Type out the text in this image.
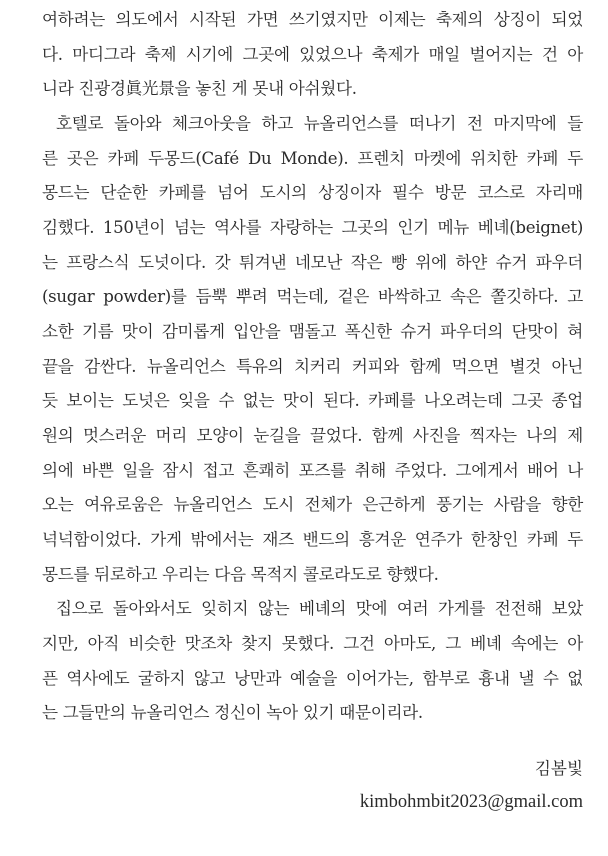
여하려는 의도에서 시작된 가면 쓰기였지만 이제는 축제의 상징이 되었
다. 마디그라 축제 시기에 그곳에 있었으나 축제가 매일 벌어지는 건 아
니라 진광경眞光景을 놓친 게 못내 아쉬웠다.
호텔로 돌아와 체크아웃을 하고 뉴올리언스를 떠나기 전 마지막에 들
른 곳은 카페 두몽드(Café Du Monde). 프렌치 마켓에 위치한 카페 두
몽드는 단순한 카페를 넘어 도시의 상징이자 필수 방문 코스로 자리매
김했다. 150년이 넘는 역사를 자랑하는 그곳의 인기 메뉴 베녜(beignet)
는 프랑스식 도넛이다. 갓 튀겨낸 네모난 작은 빵 위에 하얀 슈거 파우더
(sugar powder)를 듬뿍 뿌려 먹는데, 겉은 바싹하고 속은 쫄깃하다. 고
소한 기름 맛이 감미롭게 입안을 맴돌고 폭신한 슈거 파우더의 단맛이 혀
끝을 감싼다. 뉴올리언스 특유의 치커리 커피와 함께 먹으면 별것 아닌
듯 보이는 도넛은 잊을 수 없는 맛이 된다. 카페를 나오려는데 그곳 종업
원의 멋스러운 머리 모양이 눈길을 끌었다. 함께 사진을 찍자는 나의 제
의에 바쁜 일을 잠시 접고 흔쾌히 포즈를 취해 주었다. 그에게서 배어 나
오는 여유로움은 뉴올리언스 도시 전체가 은근하게 풍기는 사람을 향한
넉넉함이었다. 가게 밖에서는 재즈 밴드의 흥겨운 연주가 한창인 카페 두
몽드를 뒤로하고 우리는 다음 목적지 콜로라도로 향했다.
집으로 돌아와서도 잊히지 않는 베녜의 맛에 여러 가게를 전전해 보았
지만, 아직 비슷한 맛조차 찾지 못했다. 그건 아마도, 그 베녜 속에는 아
픈 역사에도 굴하지 않고 낭만과 예술을 이어가는, 함부로 흉내 낼 수 없
는 그들만의 뉴올리언스 정신이 녹아 있기 때문이리라.
김봄빛
kimbohmbit2023@gmail.com
